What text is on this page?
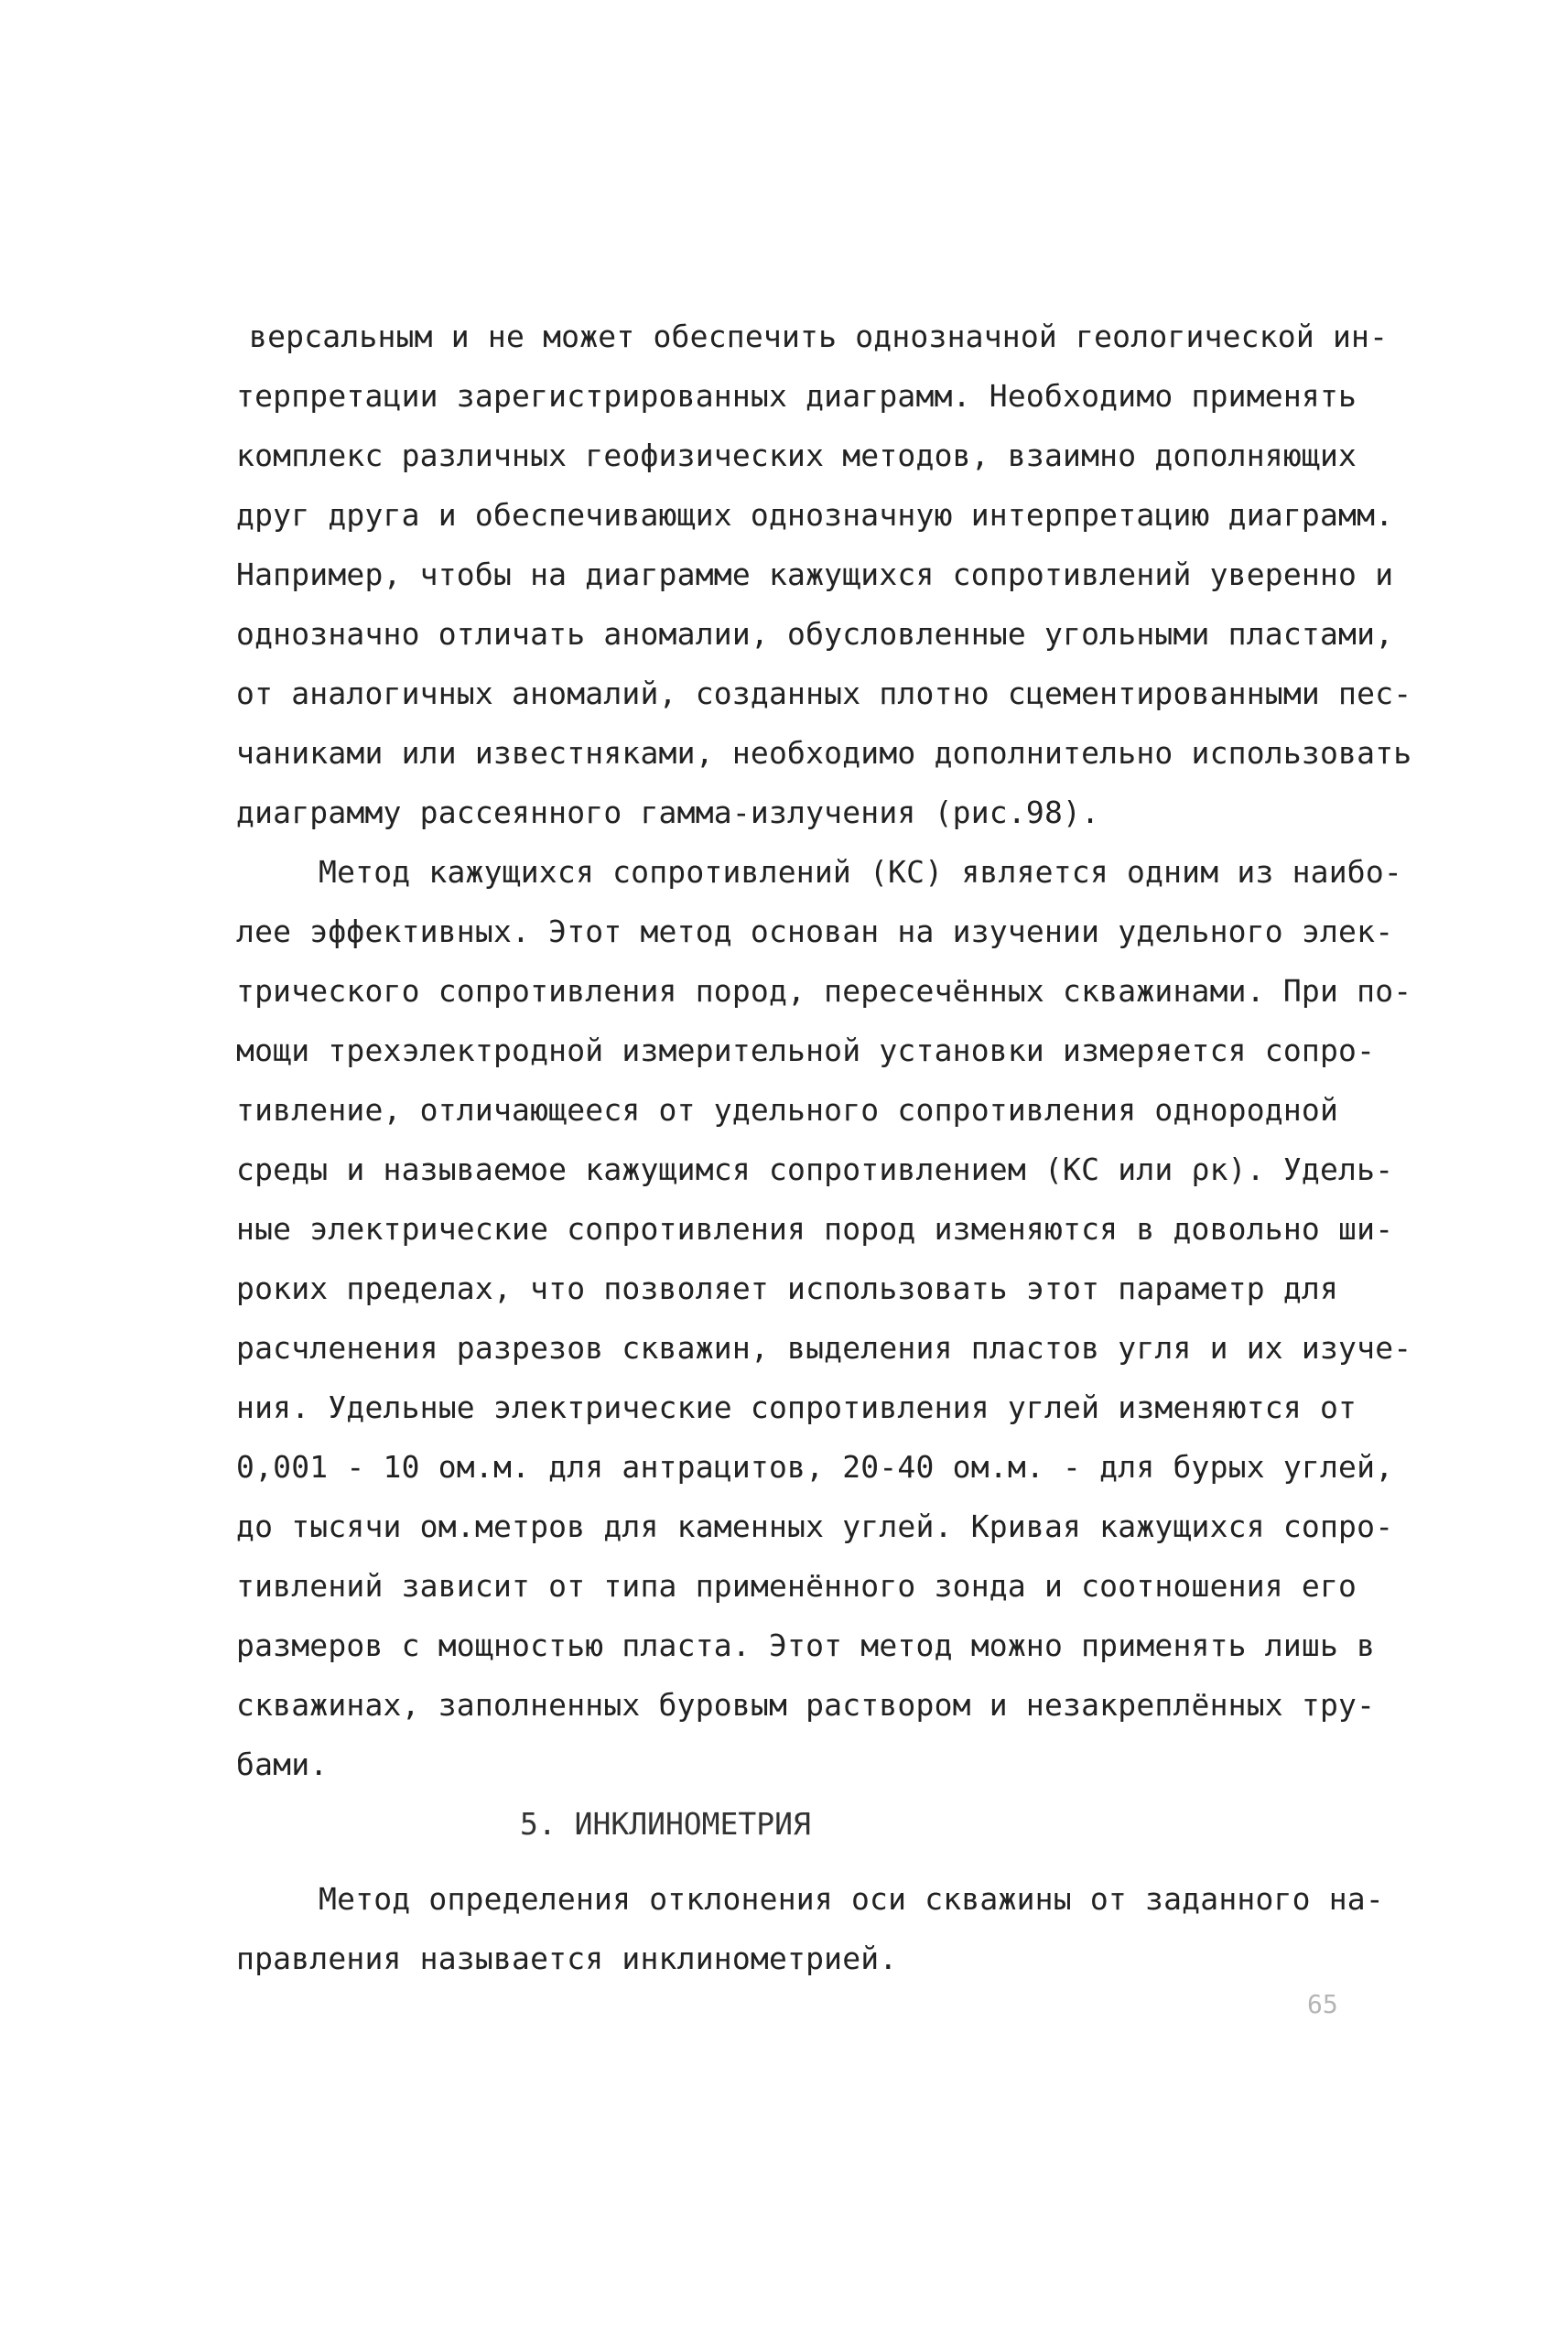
версальным и не может обеспечить однозначной геологической ин-
терпретации зарегистрированных диаграмм. Необходимо применять
комплекс различных геофизических методов, взаимно дополняющих
друг друга и обеспечивающих однозначную интерпретацию диаграмм.
Например, чтобы на диаграмме кажущихся сопротивлений уверенно и
однозначно отличать аномалии, обусловленные угольными пластами,
от аналогичных аномалий, созданных плотно сцементированными пес-
чаниками или известняками, необходимо дополнительно использовать
диаграмму рассеянного гамма-излучения (рис.98).
Метод кажущихся сопротивлений (КС) является одним из наибо-
лее эффективных. Этот метод основан на изучении удельного элек-
трического сопротивления пород, пересечённых скважинами. При по-
мощи трехэлектродной измерительной установки измеряется сопро-
тивление, отличающееся от удельного сопротивления однородной
среды и называемое кажущимся сопротивлением (КС или ρк). Удель-
ные электрические сопротивления пород изменяются в довольно ши-
роких пределах, что позволяет использовать этот параметр для
расчленения разрезов скважин, выделения пластов угля и их изуче-
ния. Удельные электрические сопротивления углей изменяются от
0,001 - 10 ом.м. для антрацитов, 20-40 ом.м. - для бурых углей,
до тысячи ом.метров для каменных углей. Кривая кажущихся сопро-
тивлений зависит от типа применённого зонда и соотношения его
размеров с мощностью пласта. Этот метод можно применять лишь в
скважинах, заполненных буровым раствором и незакреплённых тру-
бами.
5. ИНКЛИНОМЕТРИЯ
Метод определения отклонения оси скважины от заданного на-
правления называется инклинометрией.
65
